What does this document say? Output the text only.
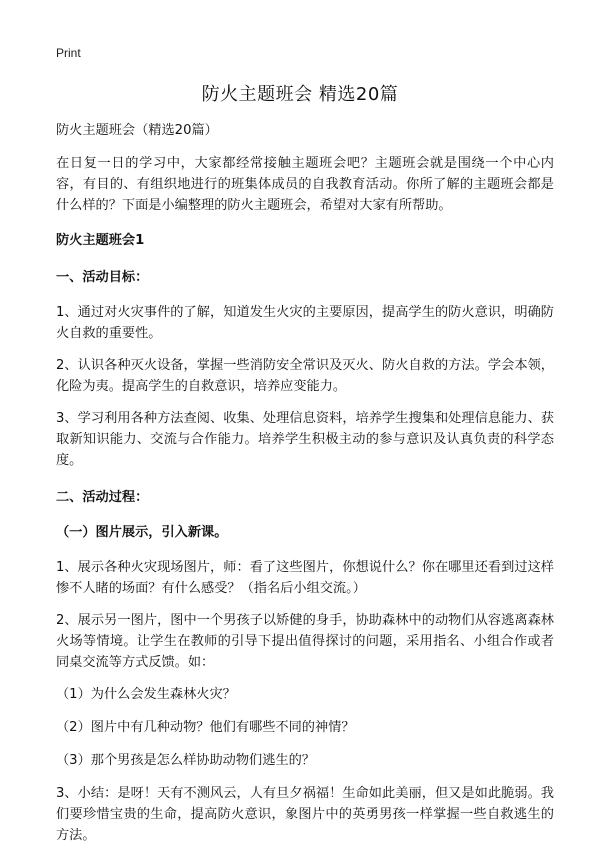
Print
防火主题班会 精选20篇

防火主题班会（精选20篇）

在日复一日的学习中，大家都经常接触主题班会吧？主题班会就是围绕一个中心内容，有目的、有组织地进行的班集体成员的自我教育活动。你所了解的主题班会都是什么样的？下面是小编整理的防火主题班会，希望对大家有所帮助。

防火主题班会1

一、活动目标：

1、通过对火灾事件的了解，知道发生火灾的主要原因，提高学生的防火意识，明确防火自救的重要性。

2、认识各种灭火设备，掌握一些消防安全常识及灭火、防火自救的方法。学会本领，化险为夷。提高学生的自救意识，培养应变能力。

3、学习利用各种方法查阅、收集、处理信息资料，培养学生搜集和处理信息能力、获取新知识能力、交流与合作能力。培养学生积极主动的参与意识及认真负责的科学态度。

二、活动过程：

（一）图片展示，引入新课。

1、展示各种火灾现场图片，师：看了这些图片，你想说什么？你在哪里还看到过这样惨不人睹的场面？有什么感受？（指名后小组交流。）

2、展示另一图片，图中一个男孩子以矫健的身手，协助森林中的动物们从容逃离森林火场等情境。让学生在教师的引导下提出值得探讨的问题，采用指名、小组合作或者同桌交流等方式反馈。如：

（1）为什么会发生森林火灾？

（2）图片中有几种动物？他们有哪些不同的神情？

（3）那个男孩是怎么样协助动物们逃生的？

3、小结：是呀！天有不测风云，人有旦夕祸福！生命如此美丽，但又是如此脆弱。我们要珍惜宝贵的生命，提高防火意识，象图片中的英勇男孩一样掌握一些自救逃生的 方法。
